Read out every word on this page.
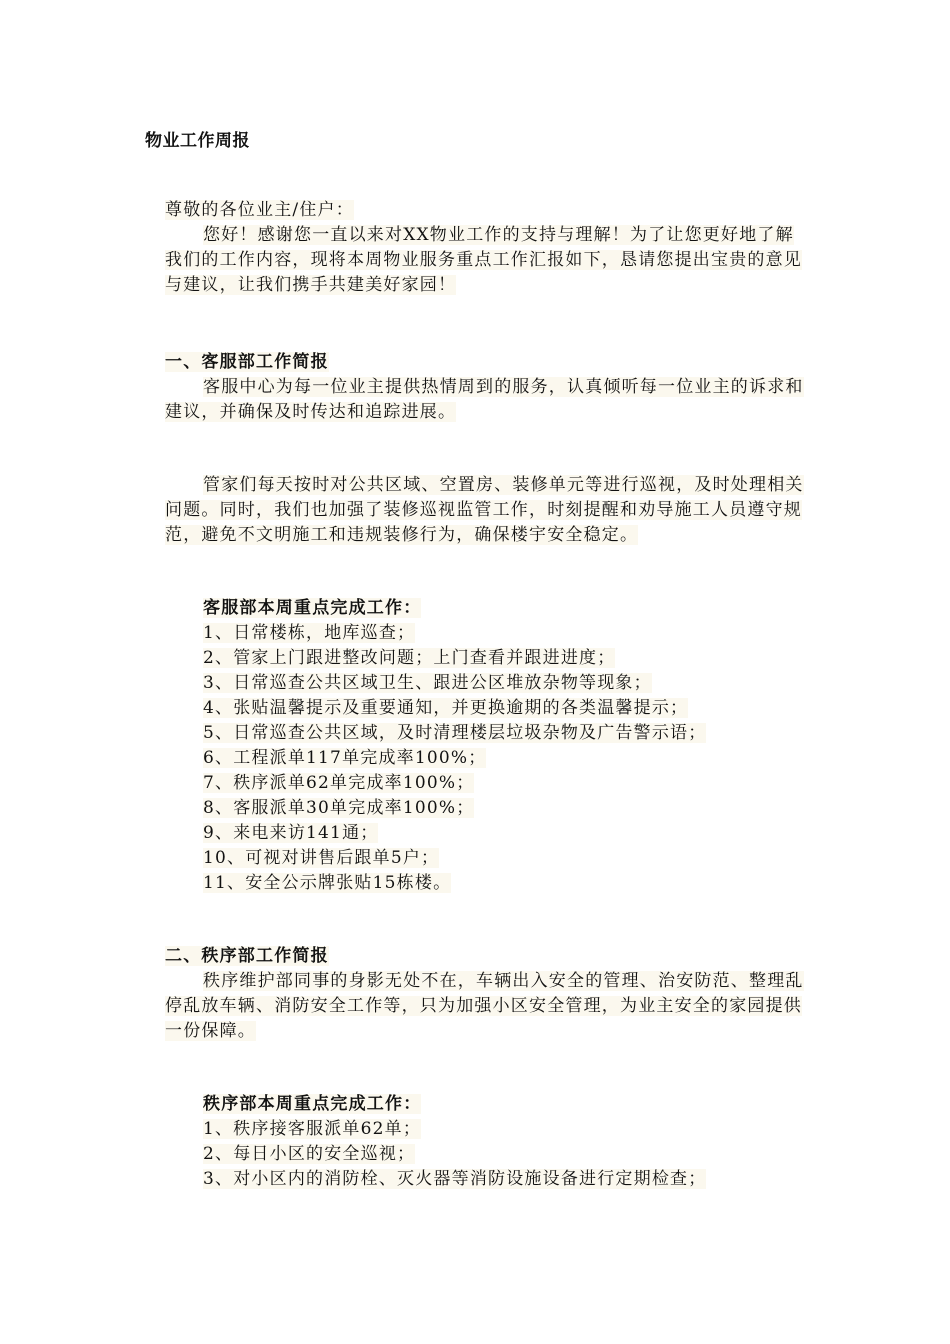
物业工作周报

尊敬的各位业主/住户：

您好！感谢您一直以来对XX物业工作的支持与理解！为了让您更好地了解我们的工作内容，现将本周物业服务重点工作汇报如下，恳请您提出宝贵的意见与建议，让我们携手共建美好家园！

一、客服部工作简报

客服中心为每一位业主提供热情周到的服务，认真倾听每一位业主的诉求和建议，并确保及时传达和追踪进展。

管家们每天按时对公共区域、空置房、装修单元等进行巡视，及时处理相关问题。同时，我们也加强了装修巡视监管工作，时刻提醒和劝导施工人员遵守规范，避免不文明施工和违规装修行为，确保楼宇安全稳定。

客服部本周重点完成工作：

1、日常楼栋，地库巡查；
2、管家上门跟进整改问题；上门查看并跟进进度；
3、日常巡查公共区域卫生、跟进公区堆放杂物等现象；
4、张贴温馨提示及重要通知，并更换逾期的各类温馨提示；
5、日常巡查公共区域，及时清理楼层垃圾杂物及广告警示语；
6、工程派单117单完成率100%；
7、秩序派单62单完成率100%；
8、客服派单30单完成率100%；
9、来电来访141通；
10、可视对讲售后跟单5户；
11、安全公示牌张贴15栋楼。

二、秩序部工作简报

秩序维护部同事的身影无处不在，车辆出入安全的管理、治安防范、整理乱停乱放车辆、消防安全工作等，只为加强小区安全管理，为业主安全的家园提供一份保障。

秩序部本周重点完成工作：

1、秩序接客服派单62单；
2、每日小区的安全巡视；
3、对小区内的消防栓、灭火器等消防设施设备进行定期检查；
